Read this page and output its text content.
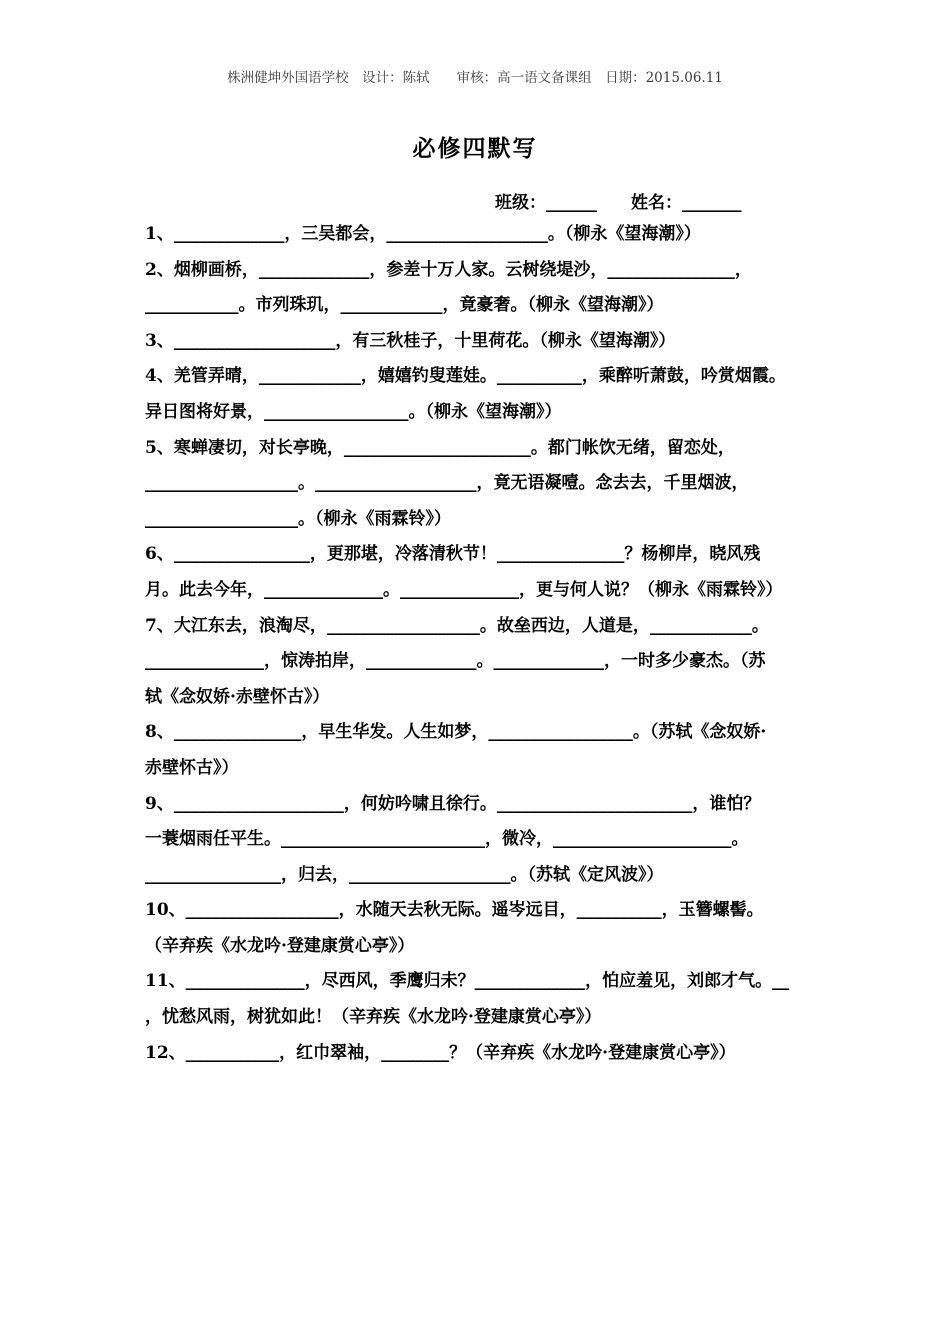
株洲健坤外国语学校　设计：陈轼　　审核：高一语文备课组　日期：2015.06.11
必修四默写
班级：______　　姓名：_______
1、_____________，三吴都会，___________________。（柳永《望海潮》）
2、烟柳画桥，_____________，参差十万人家。云树绕堤沙，_______________，
___________。市列珠玑，____________，竟豪奢。（柳永《望海潮》）
3、___________________，有三秋桂子，十里荷花。（柳永《望海潮》）
4、羌管弄晴，____________，嬉嬉钓叟莲娃。__________，乘醉听萧鼓，吟赏烟霞。
异日图将好景，_________________。（柳永《望海潮》）
5、寒蝉凄切，对长亭晚，______________________。都门帐饮无绪，留恋处，
__________________。___________________，竟无语凝噎。念去去，千里烟波，
__________________。（柳永《雨霖铃》）
6、________________，更那堪，冷落清秋节！_______________？杨柳岸，晓风残
月。此去今年，______________。______________，更与何人说？（柳永《雨霖铃》）
7、大江东去，浪淘尽，__________________。故垒西边，人道是，____________。
______________，惊涛拍岸，_____________。_____________，一时多少豪杰。（苏
轼《念奴娇·赤壁怀古》）
8、_______________，早生华发。人生如梦，_________________。（苏轼《念奴娇·
赤壁怀古》）
9、____________________，何妨吟啸且徐行。_______________________，谁怕？
一蓑烟雨任平生。________________________，微冷，_____________________。
________________，归去，___________________。（苏轼《定风波》）
10、__________________，水随天去秋无际。遥岑远目，__________，玉簪螺髻。
（辛弃疾《水龙吟·登建康赏心亭》）
11、______________，尽西风，季鹰归未？_____________，怕应羞见，刘郎才气。__
，忧愁风雨，树犹如此！（辛弃疾《水龙吟·登建康赏心亭》）
12、___________，红巾翠袖，________？（辛弃疾《水龙吟·登建康赏心亭》）
